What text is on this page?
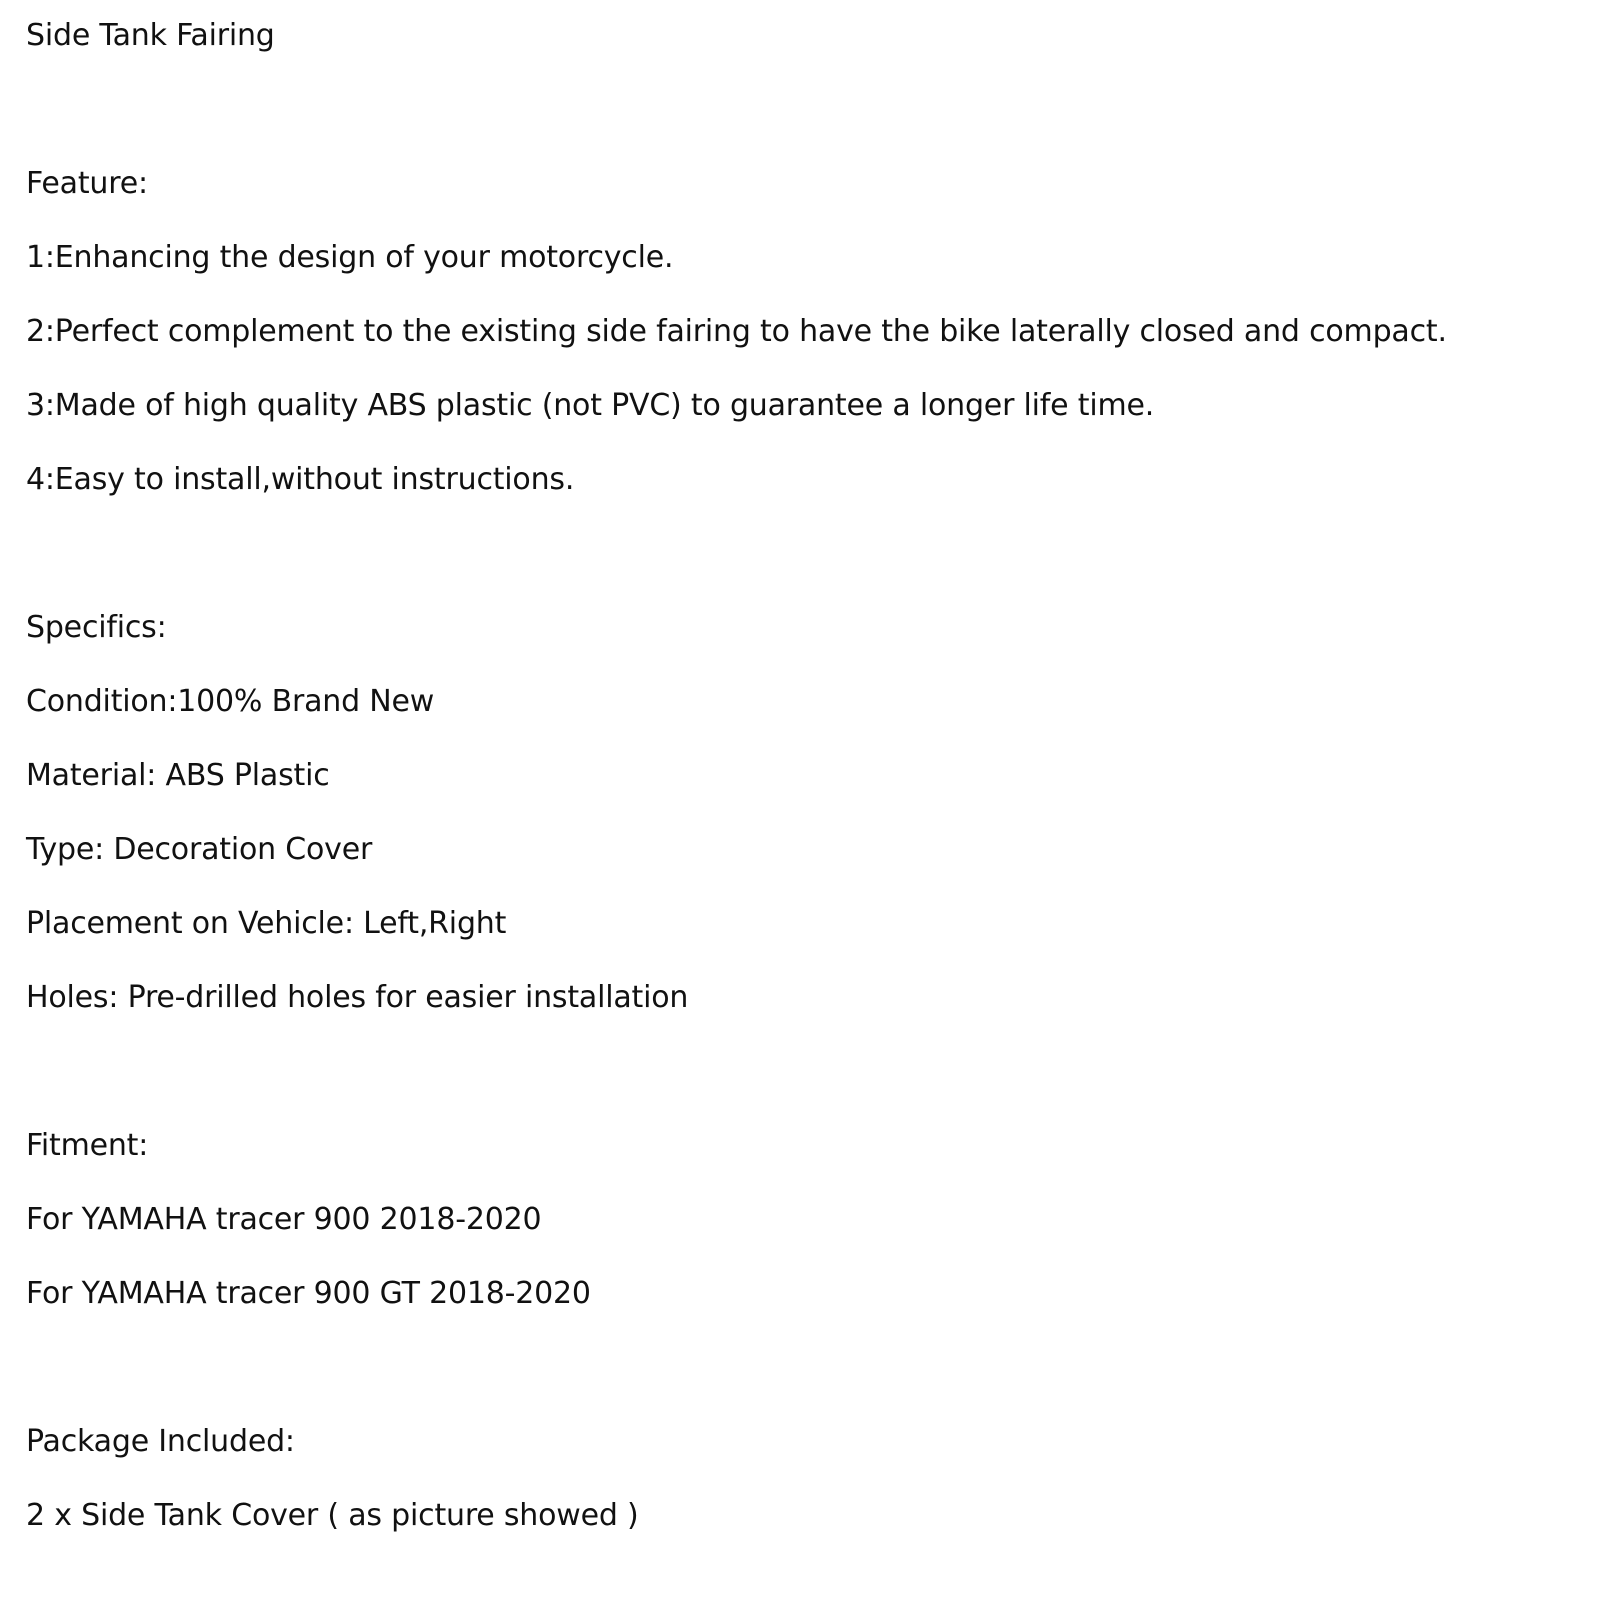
Side Tank Fairing
Feature:
1:Enhancing the design of your motorcycle.
2:Perfect complement to the existing side fairing to have the bike laterally closed and compact.
3:Made of high quality ABS plastic (not PVC) to guarantee a longer life time.
4:Easy to install,without instructions.
Specifics:
Condition:100% Brand New
Material: ABS Plastic
Type: Decoration Cover
Placement on Vehicle: Left,Right
Holes: Pre-drilled holes for easier installation
Fitment:
For YAMAHA tracer 900 2018-2020
For YAMAHA tracer 900 GT 2018-2020
Package Included:
2 x Side Tank Cover ( as picture showed )
